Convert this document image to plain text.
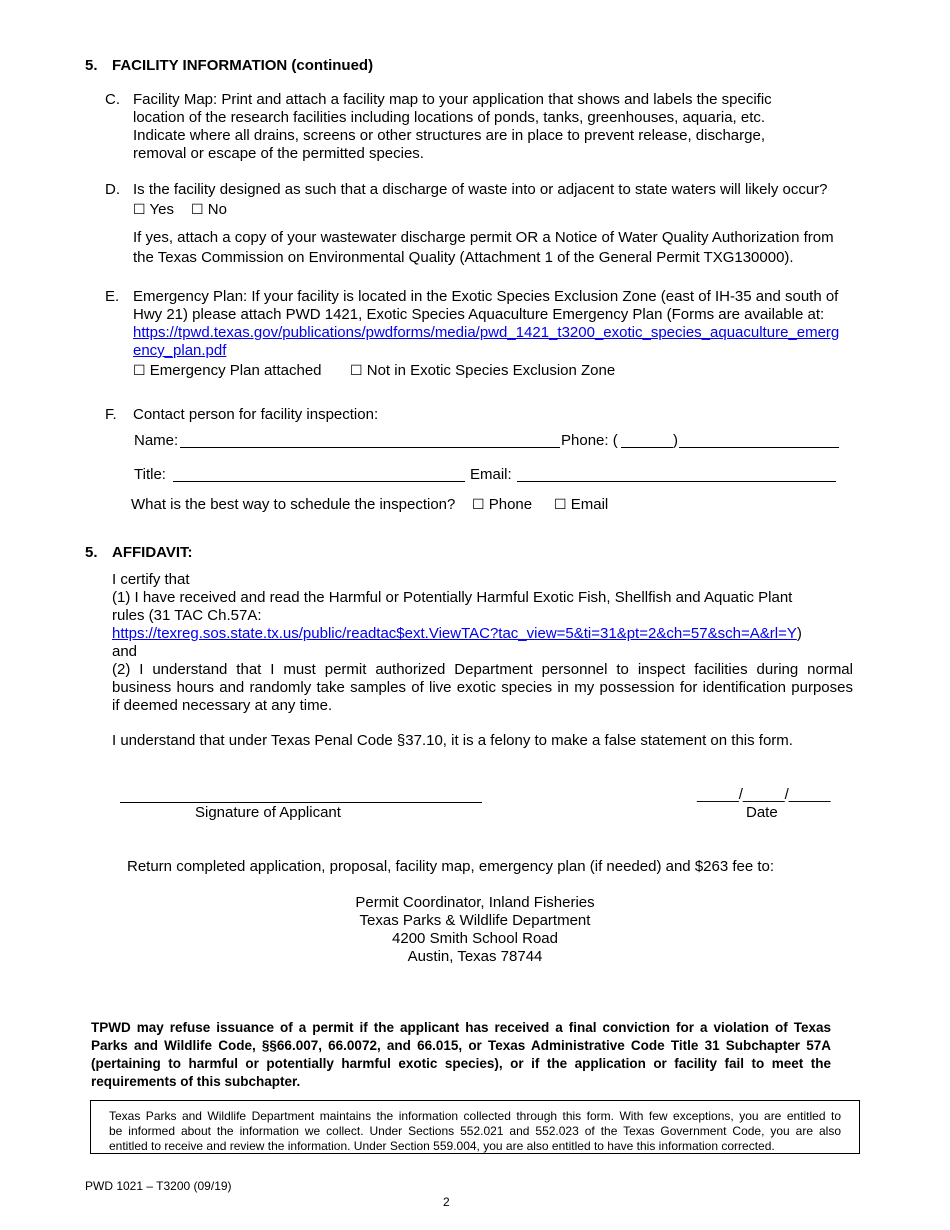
5. FACILITY INFORMATION (continued)
C. Facility Map: Print and attach a facility map to your application that shows and labels the specific
location of the research facilities including locations of ponds, tanks, greenhouses, aquaria, etc.
Indicate where all drains, screens or other structures are in place to prevent release, discharge,
removal or escape of the permitted species.
D. Is the facility designed as such that a discharge of waste into or adjacent to state waters will likely occur?
☐ Yes ☐ No
If yes, attach a copy of your wastewater discharge permit OR a Notice of Water Quality Authorization from
the Texas Commission on Environmental Quality (Attachment 1 of the General Permit TXG130000).
E. Emergency Plan: If your facility is located in the Exotic Species Exclusion Zone (east of IH-35 and south of
Hwy 21) please attach PWD 1421, Exotic Species Aquaculture Emergency Plan (Forms are available at:
https://tpwd.texas.gov/publications/pwdforms/media/pwd_1421_t3200_exotic_species_aquaculture_emerg
ency_plan.pdf
☐ Emergency Plan attached ☐ Not in Exotic Species Exclusion Zone
F. Contact person for facility inspection:
Name:	Phone: (	)
Title:	Email:
What is the best way to schedule the inspection? ☐ Phone ☐ Email
5. AFFIDAVIT:
I certify that
(1) I have received and read the Harmful or Potentially Harmful Exotic Fish, Shellfish and Aquatic Plant
rules (31 TAC Ch.57A:
https://texreg.sos.state.tx.us/public/readtac$ext.ViewTAC?tac_view=5&ti=31&pt=2&ch=57&sch=A&rl=Y)
and
(2) I understand that I must permit authorized Department personnel to inspect facilities during normal
business hours and randomly take samples of live exotic species in my possession for identification purposes
if deemed necessary at any time.
I understand that under Texas Penal Code §37.10, it is a felony to make a false statement on this form.
Signature of Applicant
_____/_____/_____
Date
Return completed application, proposal, facility map, emergency plan (if needed) and $263 fee to:
Permit Coordinator, Inland Fisheries
Texas Parks & Wildlife Department
4200 Smith School Road
Austin, Texas 78744
TPWD may refuse issuance of a permit if the applicant has received a final conviction for a violation of Texas
Parks and Wildlife Code, §§66.007, 66.0072, and 66.015, or Texas Administrative Code Title 31 Subchapter 57A
(pertaining to harmful or potentially harmful exotic species), or if the application or facility fail to meet the
requirements of this subchapter.
Texas Parks and Wildlife Department maintains the information collected through this form. With few exceptions, you are entitled to
be informed about the information we collect. Under Sections 552.021 and 552.023 of the Texas Government Code, you are also
entitled to receive and review the information. Under Section 559.004, you are also entitled to have this information corrected.
PWD 1021 – T3200 (09/19)
2
